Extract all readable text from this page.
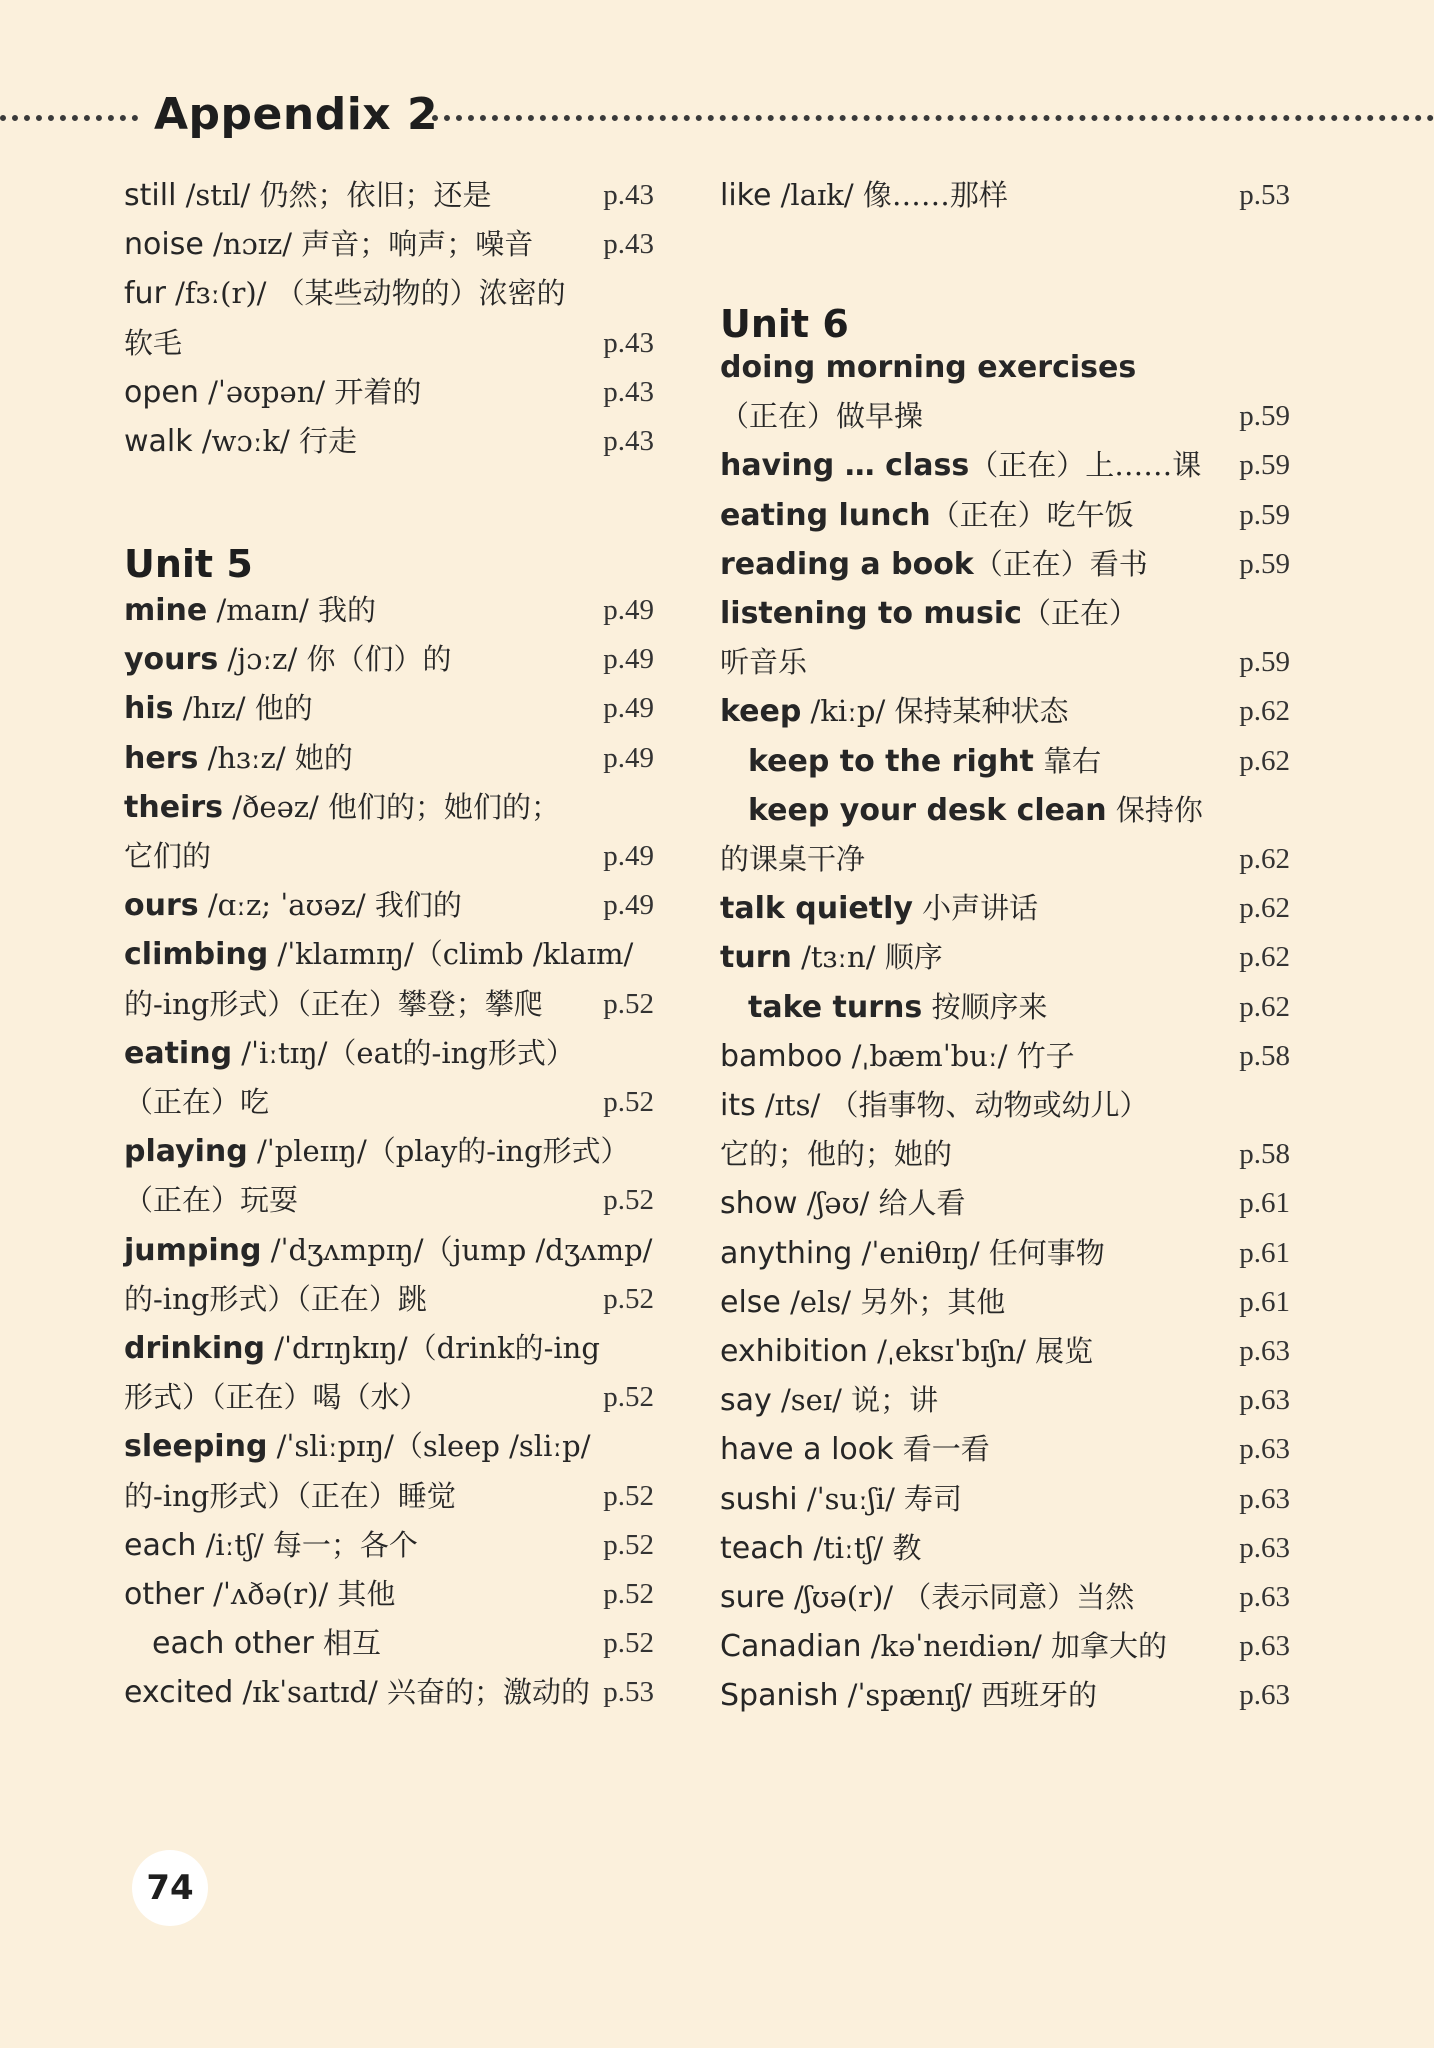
Appendix 2
still /stɪl/ 仍然；依旧；还是	p.43
noise /nɔɪz/ 声音；响声；噪音 p.43
fur /fɜː(r)/ （某些动物的）浓密的
软毛	p.43
open /ˈəʊpən/ 开着的	p.43
walk /wɔːk/ 行走	p.43
Unit 5
mine /maɪn/ 我的	p.49
yours /jɔːz/ 你（们）的	p.49
his /hɪz/ 他的	p.49
hers /hɜːz/ 她的	p.49
theirs /ðeəz/ 他们的；她们的；
它们的	p.49
ours /ɑːz; ˈaʊəz/ 我们的	p.49
climbing /ˈklaɪmɪŋ/（climb /klaɪm/
的-ing形式）（正在）攀登；攀爬 p.52
eating /ˈiːtɪŋ/（eat的-ing形式）
（正在）吃	p.52
playing /ˈpleɪɪŋ/（play的-ing形式）
（正在）玩耍	p.52
jumping /ˈdʒʌmpɪŋ/（jump /dʒʌmp/
的-ing形式）（正在）跳	p.52
drinking /ˈdrɪŋkɪŋ/（drink的-ing
形式）（正在）喝（水）	p.52
sleeping /ˈsliːpɪŋ/（sleep /sliːp/
的-ing形式）（正在）睡觉	p.52
each /iːtʃ/ 每一；各个	p.52
other /ˈʌðə(r)/ 其他	p.52
each other 相互	p.52
excited /ɪkˈsaɪtɪd/ 兴奋的；激动的 p.53
like /laɪk/ 像……那样	p.53
Unit 6
doing morning exercises
（正在）做早操	p.59
having … class（正在）上……课 p.59
eating lunch（正在）吃午饭	p.59
reading a book（正在）看书	p.59
listening to music（正在）
听音乐	p.59
keep /kiːp/ 保持某种状态	p.62
keep to the right 靠右	p.62
keep your desk clean 保持你
的课桌干净	p.62
talk quietly 小声讲话	p.62
turn /tɜːn/ 顺序	p.62
take turns 按顺序来	p.62
bamboo /ˌbæmˈbuː/ 竹子	p.58
its /ɪts/ （指事物、动物或幼儿）
它的；他的；她的	p.58
show /ʃəʊ/ 给人看	p.61
anything /ˈeniθɪŋ/ 任何事物	p.61
else /els/ 另外；其他	p.61
exhibition /ˌeksɪˈbɪʃn/ 展览	p.63
say /seɪ/ 说；讲	p.63
have a look 看一看	p.63
sushi /ˈsuːʃi/ 寿司	p.63
teach /tiːtʃ/ 教	p.63
sure /ʃʊə(r)/ （表示同意）当然	p.63
Canadian /kəˈneɪdiən/ 加拿大的 p.63
Spanish /ˈspænɪʃ/ 西班牙的	p.63
74
